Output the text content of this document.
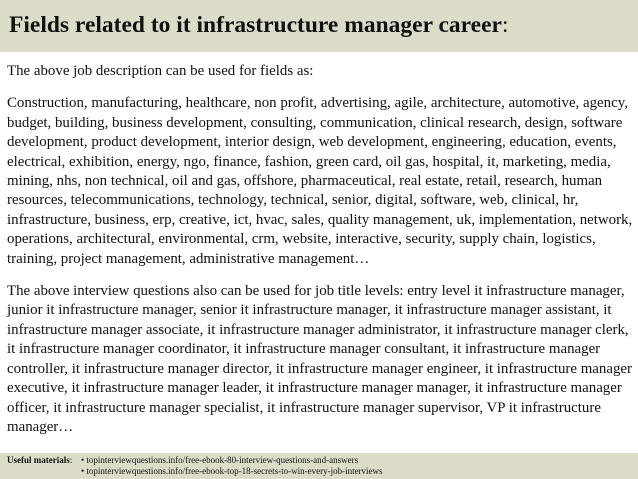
Fields related to it infrastructure manager career:

The above job description can be used for fields as:

Construction, manufacturing, healthcare, non profit, advertising, agile, architecture, automotive, agency, budget, building, business development, consulting, communication, clinical research, design, software development, product development, interior design, web development, engineering, education, events, electrical, exhibition, energy, ngo, finance, fashion, green card, oil gas, hospital, it, marketing, media, mining, nhs, non technical, oil and gas, offshore, pharmaceutical, real estate, retail, research, human resources, telecommunications, technology, technical, senior, digital, software, web, clinical, hr, infrastructure, business, erp, creative, ict, hvac, sales, quality management, uk, implementation, network, operations, architectural, environmental, crm, website, interactive, security, supply chain, logistics, training, project management, administrative management…

The above interview questions also can be used for job title levels: entry level it infrastructure manager, junior it infrastructure manager, senior it infrastructure manager, it infrastructure manager assistant, it infrastructure manager associate, it infrastructure manager administrator, it infrastructure manager clerk, it infrastructure manager coordinator, it infrastructure manager consultant, it infrastructure manager controller, it infrastructure manager director, it infrastructure manager engineer, it infrastructure manager executive, it infrastructure manager leader, it infrastructure manager manager, it infrastructure manager officer, it infrastructure manager specialist, it infrastructure manager supervisor, VP it infrastructure manager…

Useful materials: • topinterviewquestions.info/free-ebook-80-interview-questions-and-answers
• topinterviewquestions.info/free-ebook-top-18-secrets-to-win-every-job-interviews
